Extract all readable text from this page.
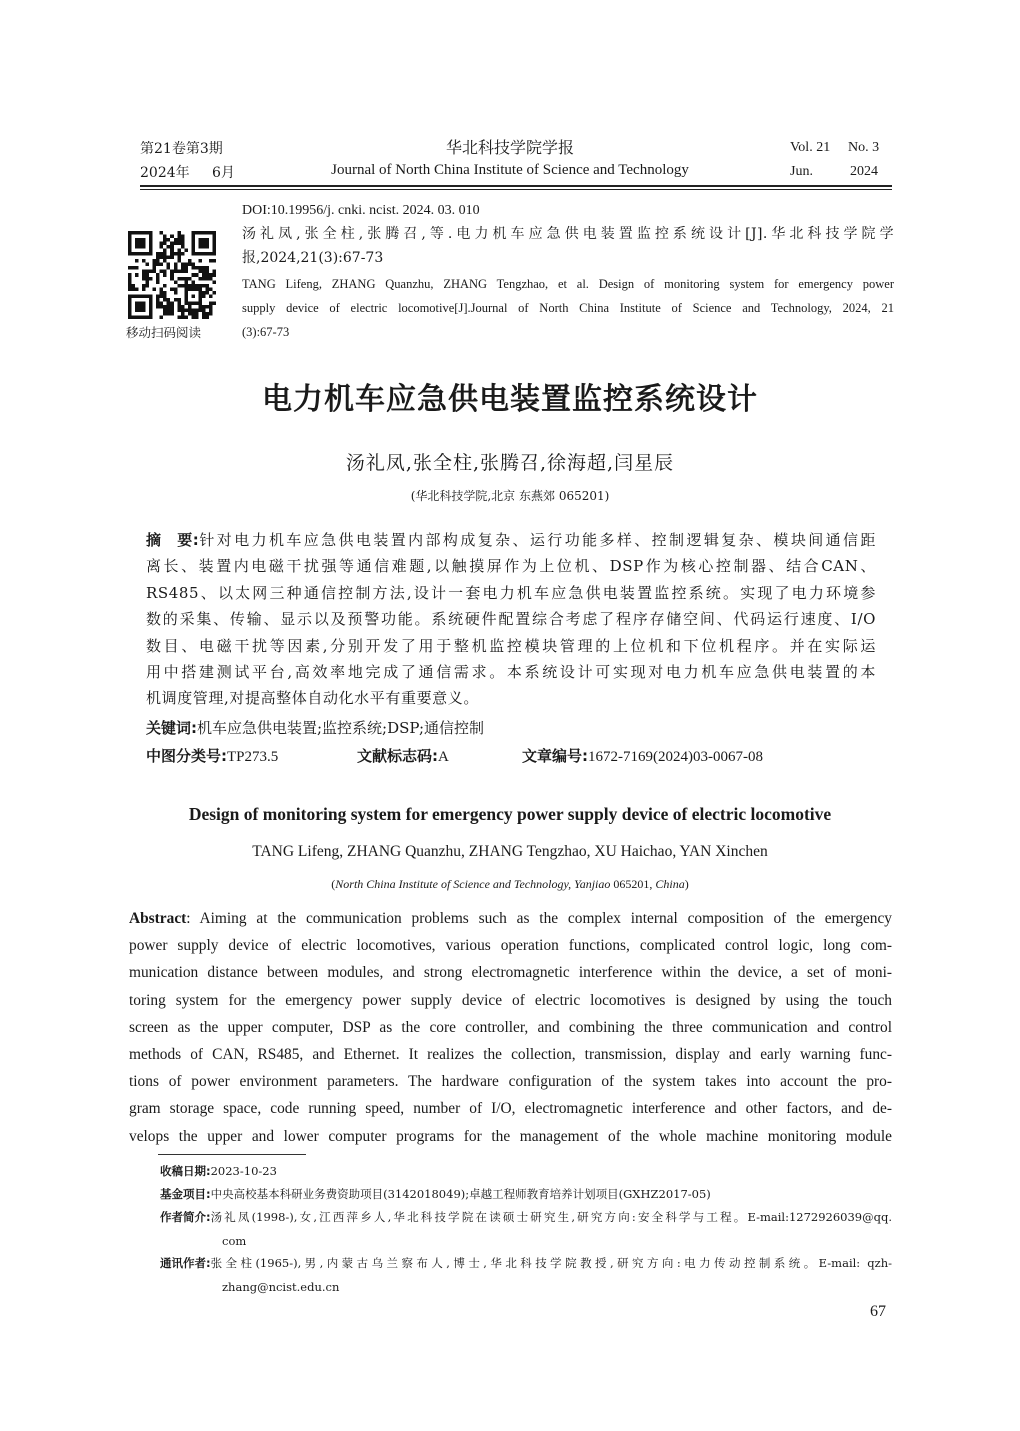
第21卷第3期
2024年 6月
华北科技学院学报
Journal of North China Institute of Science and Technology
Vol. 21 No. 3
Jun.	2024
移动扫码阅读
DOI:10.19956/j. cnki. ncist. 2024. 03. 010
汤礼凤,张全柱,张腾召,等.电力机车应急供电装置监控系统设计[J].华北科技学院学
报,2024,21(3):67-73
TANG Lifeng, ZHANG Quanzhu, ZHANG Tengzhao, et al. Design of monitoring system for emergency power
supply device of electric locomotive[J].Journal of North China Institute of Science and Technology, 2024, 21
(3):67-73
电力机车应急供电装置监控系统设计
汤礼凤,张全柱,张腾召,徐海超,闫星辰
(华北科技学院,北京 东燕郊 065201)
摘　要: 针对电力机车应急供电装置内部构成复杂、运行功能多样、控制逻辑复杂、模块间通信距
离长、装置内电磁干扰强等通信难题,以触摸屏作为上位机、DSP作为核心控制器、结合CAN、
RS485、以太网三种通信控制方法,设计一套电力机车应急供电装置监控系统。实现了电力环境参
数的采集、传输、显示以及预警功能。系统硬件配置综合考虑了程序存储空间、代码运行速度、I/O
数目、电磁干扰等因素,分别开发了用于整机监控模块管理的上位机和下位机程序。并在实际运
用中搭建测试平台,高效率地完成了通信需求。本系统设计可实现对电力机车应急供电装置的本
机调度管理,对提高整体自动化水平有重要意义。
关键词:机车应急供电装置;监控系统;DSP;通信控制
中图分类号:TP273.5	文献标志码:A	文章编号:1672-7169(2024)03-0067-08
Design of monitoring system for emergency power supply device of electric locomotive
TANG Lifeng, ZHANG Quanzhu, ZHANG Tengzhao, XU Haichao, YAN Xinchen
(North China Institute of Science and Technology, Yanjiao 065201, China)
Abstract : Aiming at the communication problems such as the complex internal composition of the emergency
power supply device of electric locomotives, various operation functions, complicated control logic, long com-
munication distance between modules, and strong electromagnetic interference within the device, a set of moni-
toring system for the emergency power supply device of electric locomotives is designed by using the touch
screen as the upper computer, DSP as the core controller, and combining the three communication and control
methods of CAN, RS485, and Ethernet. It realizes the collection, transmission, display and early warning func-
tions of power environment parameters. The hardware configuration of the system takes into account the pro-
gram storage space, code running speed, number of I/O, electromagnetic interference and other factors, and de-
velops the upper and lower computer programs for the management of the whole machine monitoring module
收稿日期:2023-10-23
基金项目:中央高校基本科研业务费资助项目(3142018049);卓越工程师教育培养计划项目(GXHZ2017-05)
作者简介: 汤礼凤(1998-),女,江西萍乡人,华北科技学院在读硕士研究生,研究方向:安全科学与工程。E-mail:1272926039@qq.
com
通讯作者: 张全柱(1965-),男,内蒙古乌兰察布人,博士,华北科技学院教授,研究方向:电力传动控制系统。E-mail: qzh-
zhang@ncist.edu.cn
67
